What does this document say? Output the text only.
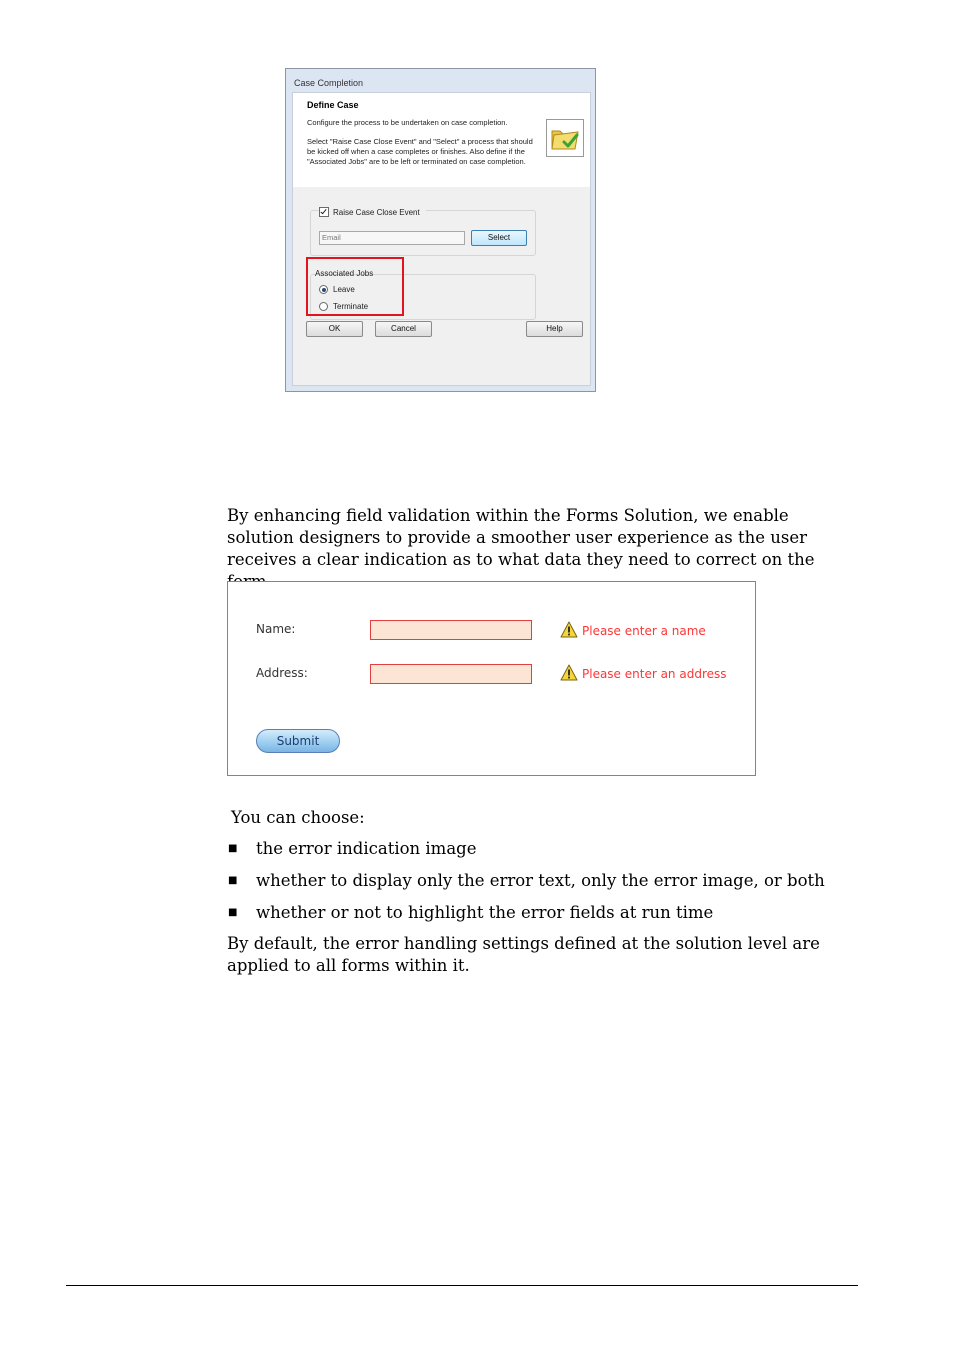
Case Completion
Define Case
Configure the process to be undertaken on case completion.
Select "Raise Case Close Event" and "Select" a process that should be kicked off when a case completes or finishes. Also define if the "Associated Jobs" are to be left or terminated on case completion.
Raise Case Close Event
Email	Select
Associated Jobs
Leave
Terminate
OK	Cancel	Help
By enhancing field validation within the Forms Solution, we enable solution designers to provide a smoother user experience as the user receives a clear indication as to what data they need to correct on the
Name:	Please enter a name
Address:	Please enter an address
Submit
You can choose:
■ the error indication image
■ whether to display only the error text, only the error image, or both
■ whether or not to highlight the error fields at run time
By default, the error handling settings defined at the solution level are applied to all forms within it.
